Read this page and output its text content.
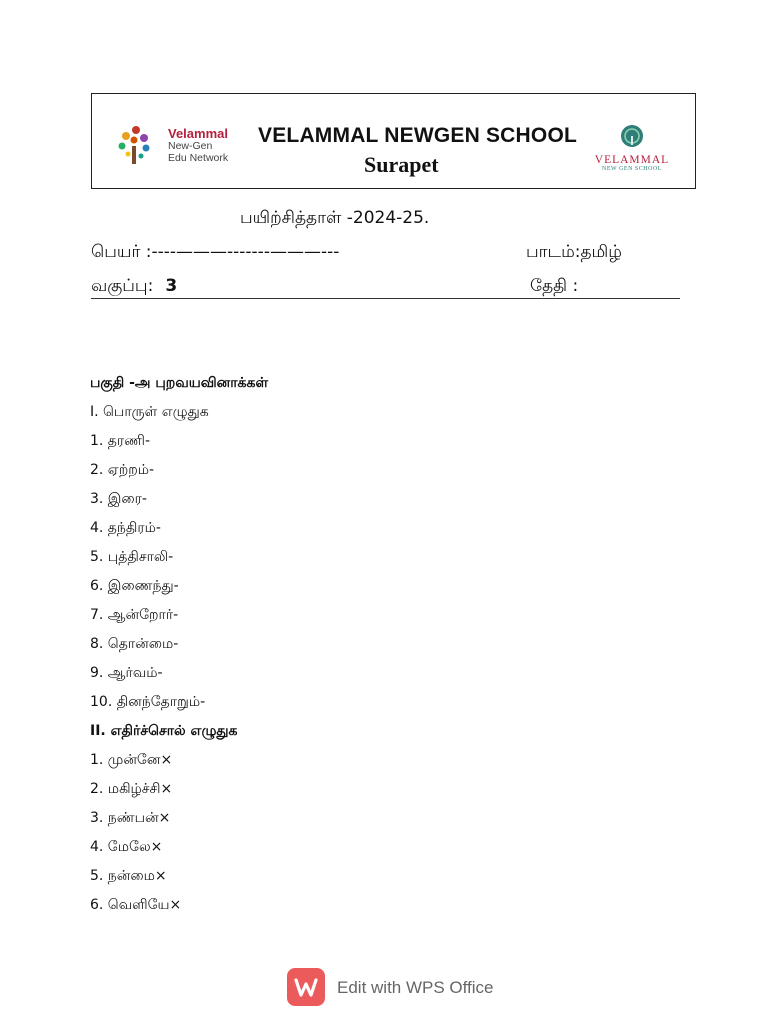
Velammal
New-Gen
Edu Network
VELAMMAL NEWGEN SCHOOL
Surapet	VELAMMAL
NEW GEN SCHOOL
பயிற்சித்தாள் -2024-25.
பெயர் :----———-------———---	பாடம்:தமிழ்
வகுப்பு: 3	தேதி :
பகுதி -அ புறவயவினாக்கள்
I. பொருள் எழுதுக
1. தரணி-
2. ஏற்றம்-
3. இரை-
4. தந்திரம்-
5. புத்திசாலி-
6. இணைந்து-
7. ஆன்றோர்-
8. தொன்மை-
9. ஆர்வம்-
10. தினந்தோறும்-
II. எதிர்ச்சொல் எழுதுக
1. முன்னே×
2. மகிழ்ச்சி×
3. நண்பன்×
4. மேலே×
5. நன்மை×
6. வெளியே×
Edit with WPS Office
